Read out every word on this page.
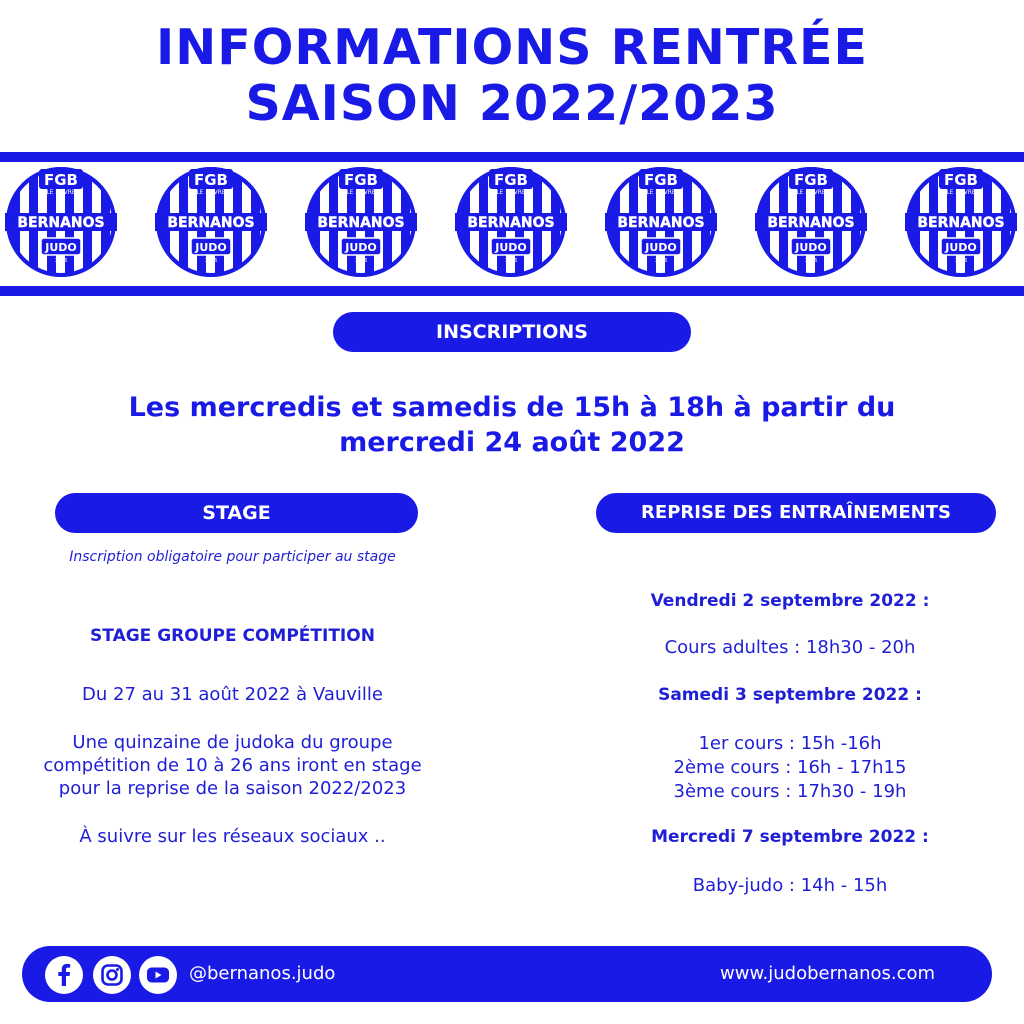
INFORMATIONS RENTRÉE
SAISON 2022/2023
FGB
LE HAVRE
BERNANOS
JUDO
1966
FGB
LE HAVRE
BERNANOS
JUDO
1966
FGB
LE HAVRE
BERNANOS
JUDO
1966
FGB
LE HAVRE
BERNANOS
JUDO
1966
FGB
LE HAVRE
BERNANOS
JUDO
1966
FGB
LE HAVRE
BERNANOS
JUDO
1966
FGB
LE HAVRE
BERNANOS
JUDO
1966
INSCRIPTIONS
Les mercredis et samedis de 15h à 18h à partir du
mercredi 24 août 2022
STAGE
Inscription obligatoire pour participer au stage
STAGE GROUPE COMPÉTITION
Du 27 au 31 août 2022 à Vauville
Une quinzaine de judoka du groupe
compétition de 10 à 26 ans iront en stage
pour la reprise de la saison 2022/2023
À suivre sur les réseaux sociaux ..
REPRISE DES ENTRAÎNEMENTS
Vendredi 2 septembre 2022 :
Cours adultes : 18h30 - 20h
Samedi 3 septembre 2022 :
1er cours : 15h -16h
2ème cours : 16h - 17h15
3ème cours : 17h30 - 19h
Mercredi 7 septembre 2022 :
Baby-judo : 14h - 15h
@bernanos.judo	www.judobernanos.com
